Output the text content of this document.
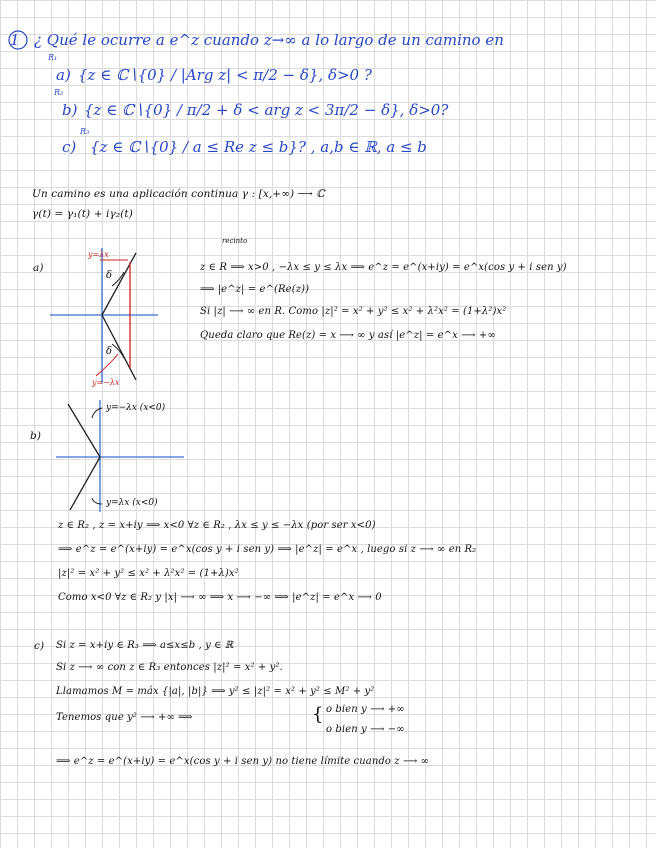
1 ¿ Qué le ocurre a e^z cuando z→∞ a lo largo de un camino en
R₁
a) {z ∈ ℂ∖{0} / |Arg z| < π/2 − δ}, δ>0 ?
R₂
b) {z ∈ ℂ∖{0} / π/2 + δ < arg z < 3π/2 − δ}, δ>0?
R₃
c) {z ∈ ℂ∖{0} / a ≤ Re z ≤ b}? , a,b ∈ ℝ, a ≤ b
Un camino es una aplicación continua γ : [x,+∞) ⟶ ℂ
γ(t) = γ₁(t) + iγ₂(t)
a)
y=λx
δ
δ
y=−λx
recinto
z ∈ R ⟹ x>0 , −λx ≤ y ≤ λx ⟹ e^z = e^(x+iy) = e^x(cos y + i sen y)
⟹ |e^z| = e^(Re(z))
Si |z| ⟶ ∞ en R. Como |z|² = x² + y² ≤ x² + λ²x² = (1+λ²)x²
Queda claro que Re(z) = x ⟶ ∞ y así |e^z| = e^x ⟶ +∞
b)
y=−λx (x<0)
y=λx (x<0)
z ∈ R₂ , z = x+iy ⟹ x<0 ∀z ∈ R₂ , λx ≤ y ≤ −λx (por ser x<0)
⟹ e^z = e^(x+iy) = e^x(cos y + i sen y) ⟹ |e^z| = e^x , luego si z ⟶ ∞ en R₂
|z|² = x² + y² ≤ x² + λ²x² = (1+λ)x²
Como x<0 ∀z ∈ R₂ y |x| ⟶ ∞ ⟹ x ⟶ −∞ ⟹ |e^z| = e^x ⟶ 0
c) Si z = x+iy ∈ R₃ ⟹ a≤x≤b , y ∈ ℝ
Si z ⟶ ∞ con z ∈ R₃ entonces |z|² = x² + y².
Llamamos M = máx {|a|, |b|} ⟹ y² ≤ |z|² = x² + y² ≤ M² + y²
Tenemos que y² ⟶ +∞ ⟹	{ o bien y ⟶ +∞
o bien y ⟶ −∞
⟹ e^z = e^(x+iy) = e^x(cos y + i sen y) no tiene límite cuando z ⟶ ∞
